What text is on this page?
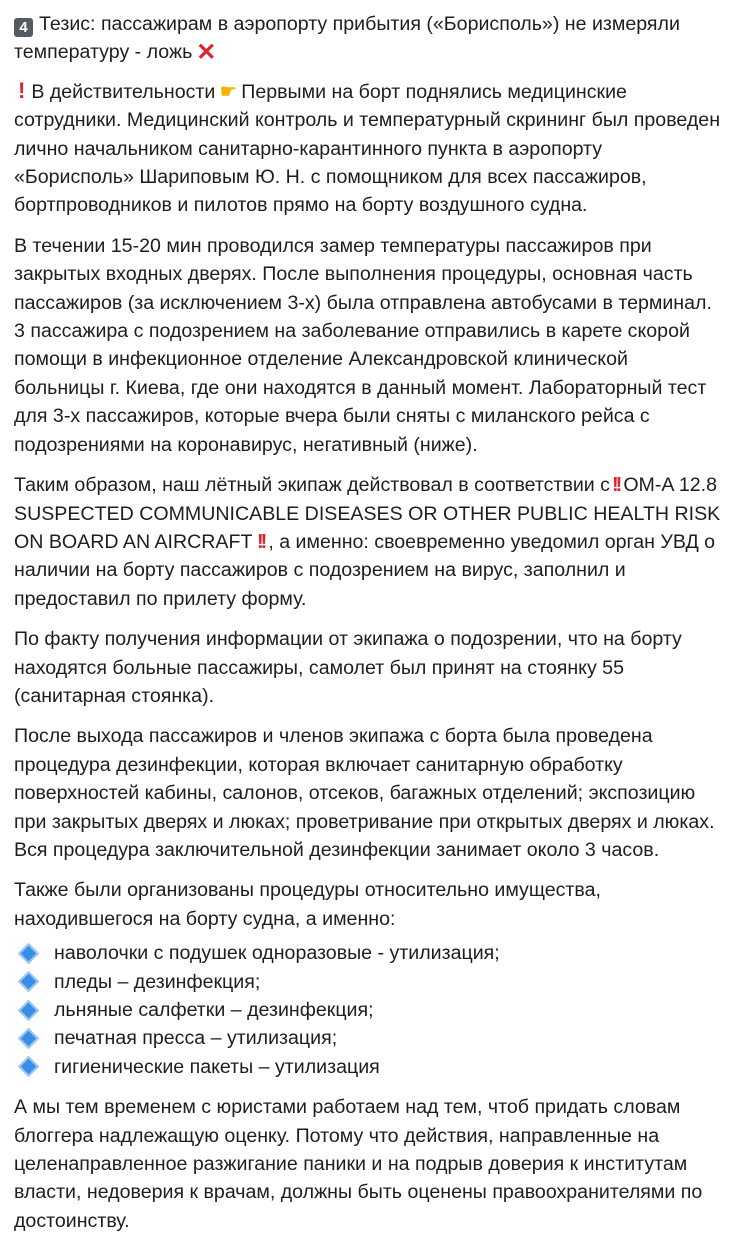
4 Тезис: пассажирам в аэропорту прибытия («Борисполь») не измеряли температуру - ложь ✕

! В действительности ☛ Первыми на борт поднялись медицинские сотрудники. Медицинский контроль и температурный скрининг был проведен лично начальником санитарно-карантинного пункта в аэропорту «Борисполь» Шариповым Ю. Н. с помощником для всех пассажиров, бортпроводников и пилотов прямо на борту воздушного судна.

В течении 15-20 мин проводился замер температуры пассажиров при закрытых входных дверях. После выполнения процедуры, основная часть пассажиров (за исключением 3-х) была отправлена автобусами в терминал. 3 пассажира с подозрением на заболевание отправились в карете скорой помощи в инфекционное отделение Александровской клинической больницы г. Киева, где они находятся в данный момент. Лабораторный тест для 3-х пассажиров, которые вчера были сняты с миланского рейса с подозрениями на коронавирус, негативный (ниже).

Таким образом, наш лётный экипаж действовал в соответствии с !! OM-A 12.8 SUSPECTED COMMUNICABLE DISEASES OR OTHER PUBLIC HEALTH RISK ON BOARD AN AIRCRAFT !! , а именно: своевременно уведомил орган УВД о наличии на борту пассажиров с подозрением на вирус, заполнил и предоставил по прилету форму.

По факту получения информации от экипажа о подозрении, что на борту находятся больные пассажиры, самолет был принят на стоянку 55 (санитарная стоянка).

После выхода пассажиров и членов экипажа с борта была проведена процедура дезинфекции, которая включает санитарную обработку поверхностей кабины, салонов, отсеков, багажных отделений; экспозицию при закрытых дверях и люках; проветривание при открытых дверях и люках. Вся процедура заключительной дезинфекции занимает около 3 часов.

Также были организованы процедуры относительно имущества, находившегося на борту судна, а именно:

наволочки с подушек одноразовые - утилизация;
пледы – дезинфекция;
льняные салфетки – дезинфекция;
печатная пресса – утилизация;
гигиенические пакеты – утилизация

А мы тем временем с юристами работаем над тем, чтоб придать словам блоггера надлежащую оценку. Потому что действия, направленные на целенаправленное разжигание паники и на подрыв доверия к институтам власти, недоверия к врачам, должны быть оценены правоохранителями по достоинству.
